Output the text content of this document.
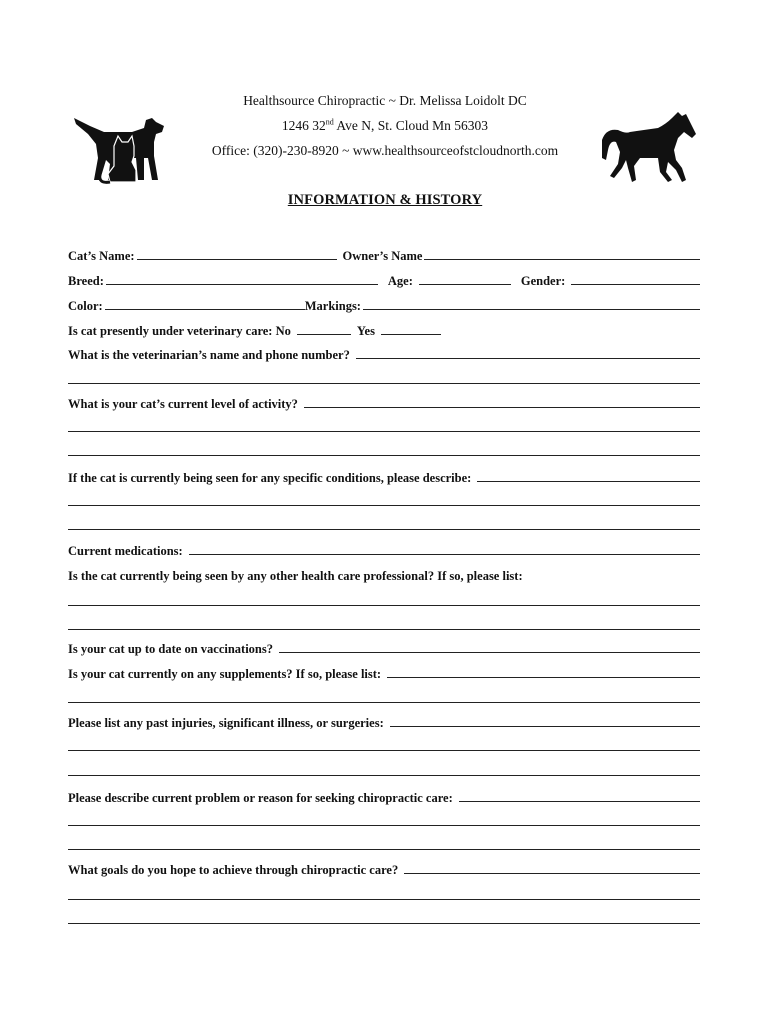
Healthsource Chiropractic ~ Dr. Melissa Loidolt DC
1246 32nd Ave N, St. Cloud Mn 56303
Office: (320)-230-8920 ~ www.healthsourceofstcloudnorth.com
INFORMATION & HISTORY
Cat’s Name:	Owner’s Name
Breed:	Age:	Gender:
Color:	Markings:
Is cat presently under veterinary care: No	Yes
What is the veterinarian’s name and phone number?
What is your cat’s current level of activity?
If the cat is currently being seen for any specific conditions, please describe:
Current medications:
Is the cat currently being seen by any other health care professional? If so, please list:
Is your cat up to date on vaccinations?
Is your cat currently on any supplements? If so, please list:
Please list any past injuries, significant illness, or surgeries:
Please describe current problem or reason for seeking chiropractic care:
What goals do you hope to achieve through chiropractic care?
